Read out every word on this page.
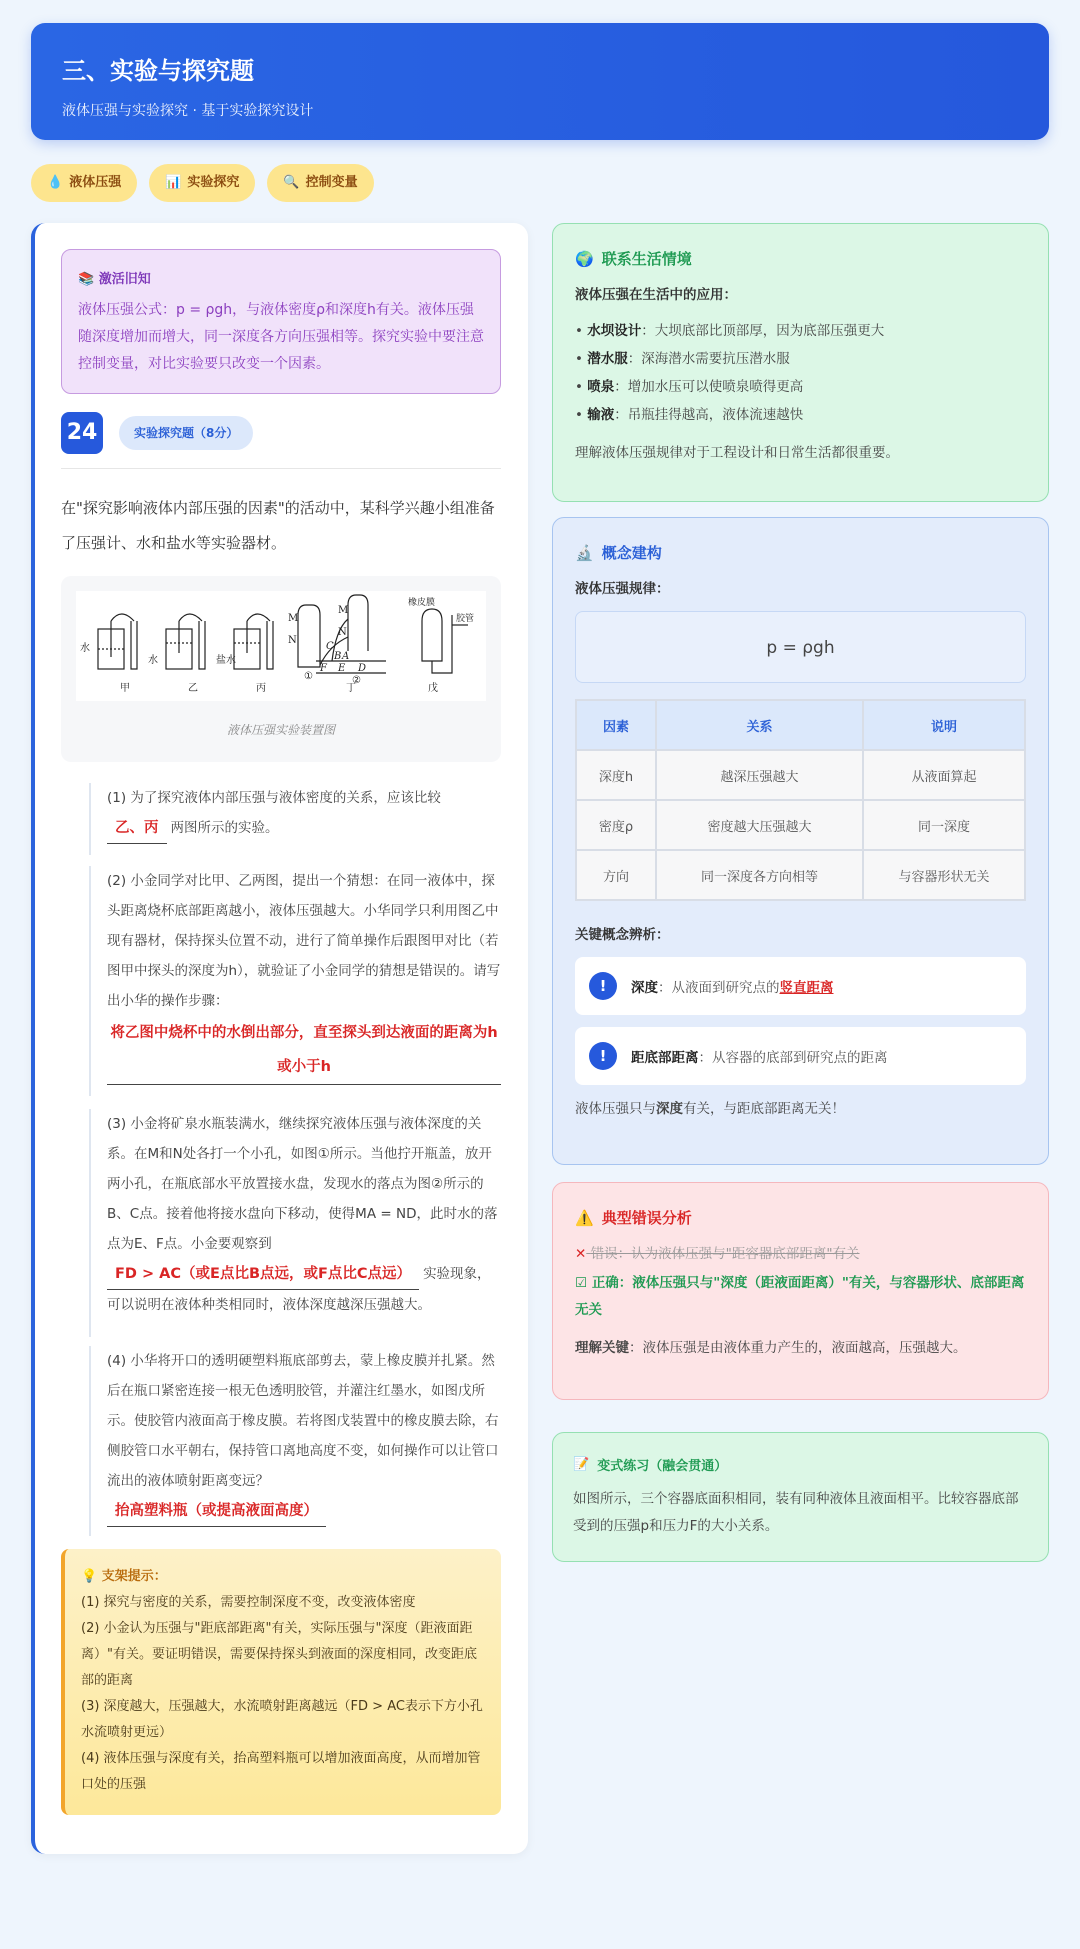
三、实验与探究题

液体压强与实验探究 · 基于实验探究设计

💧 液体压强	📊 实验探究	🔍 控制变量
📚 激活旧知
液体压强公式：p = ρgh，与液体密度ρ和深度h有关。液体压强随深度增加而增大，同一深度各方向压强相等。探究实验中要注意控制变量，对比实验要只改变一个因素。
24	实验探究题（8分）
在"探究影响液体内部压强的因素"的活动中，某科学兴趣小组准备了压强计、水和盐水等实验器材。
水
水	盐水
甲	乙	丙	丁	戊
M
N
M
N
①	②
B A
C
F E D
橡皮膜
胶管
液体压强实验装置图
(1) 为了探究液体内部压强与液体密度的关系，应该比较
乙、丙 两图所示的实验。
(2) 小金同学对比甲、乙两图，提出一个猜想：在同一液体中，探头距离烧杯底部距离越小，液体压强越大。小华同学只利用图乙中现有器材，保持探头位置不动，进行了简单操作后跟图甲对比（若图甲中探头的深度为h），就验证了小金同学的猜想是错误的。请写出小华的操作步骤：
将乙图中烧杯中的水倒出部分，直至探头到达液面的距离为h或小于h
(3) 小金将矿泉水瓶装满水，继续探究液体压强与液体深度的关系。在M和N处各打一个小孔，如图①所示。当他拧开瓶盖，放开两小孔，在瓶底部水平放置接水盘，发现水的落点为图②所示的B、C点。接着他将接水盘向下移动，使得MA = ND，此时水的落点为E、F点。小金要观察到FD > AC（或E点比B点远，或F点比C点远） 实验现象，可以说明在液体种类相同时，液体深度越深压强越大。
(4) 小华将开口的透明硬塑料瓶底部剪去，蒙上橡皮膜并扎紧。然后在瓶口紧密连接一根无色透明胶管，并灌注红墨水，如图戊所示。使胶管内液面高于橡皮膜。若将图戊装置中的橡皮膜去除，右侧胶管口水平朝右，保持管口离地高度不变，如何操作可以让管口流出的液体喷射距离变远？
抬高塑料瓶（或提高液面高度）
💡 支架提示：

(1) 探究与密度的关系，需要控制深度不变，改变液体密度

(2) 小金认为压强与"距底部距离"有关，实际压强与"深度（距液面距离）"有关。要证明错误，需要保持探头到液面的深度相同，改变距底部的距离

(3) 深度越大，压强越大，水流喷射距离越远（FD > AC表示下方小孔水流喷射更远）

(4) 液体压强与深度有关，抬高塑料瓶可以增加液面高度，从而增加管口处的压强

🌍 联系生活情境
液体压强在生活中的应用：
• 水坝设计：大坝底部比顶部厚，因为底部压强更大
• 潜水服：深海潜水需要抗压潜水服
• 喷泉：增加水压可以使喷泉喷得更高
• 输液：吊瓶挂得越高，液体流速越快
理解液体压强规律对于工程设计和日常生活都很重要。
🔬 概念建构
液体压强规律：
p = ρgh
因素	关系	说明
深度h	越深压强越大	从液面算起
密度ρ	密度越大压强越大	同一深度
方向	同一深度各方向相等	与容器形状无关
关键概念辨析：
!	深度：从液面到研究点的竖直距离
!	距底部距离：从容器的底部到研究点的距离
液体压强只与深度有关，与距底部距离无关！
⚠️ 典型错误分析
✕ 错误：认为液体压强与"距容器底部距离"有关
☑ 正确：液体压强只与"深度（距液面距离）"有关，与容器形状、底部距离无关
理解关键：液体压强是由液体重力产生的，液面越高，压强越大。
📝 变式练习（融会贯通）
如图所示，三个容器底面积相同，装有同种液体且液面相平。比较容器底部受到的压强p和压力F的大小关系。
